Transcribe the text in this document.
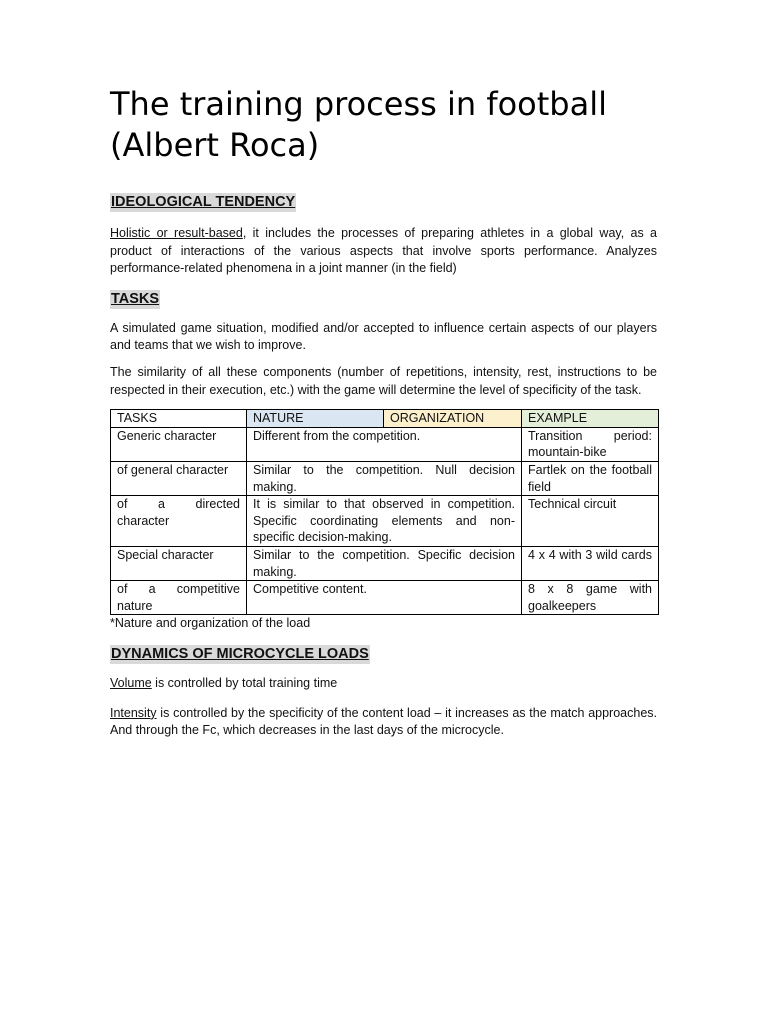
The training process in football
(Albert Roca)
IDEOLOGICAL TENDENCY

Holistic or result-based, it includes the processes of preparing athletes in a global way, as a product of interactions of the various aspects that involve sports performance. Analyzes performance-related phenomena in a joint manner (in the field)

TASKS

A simulated game situation, modified and/or accepted to influence certain aspects of our players and teams that we wish to improve.

The similarity of all these components (number of repetitions, intensity, rest, instructions to be respected in their execution, etc.) with the game will determine the level of specificity of the task.

TASKS	NATURE	ORGANIZATION	EXAMPLE
Generic character	Different from the competition.		Transition period: mountain-bike
of general character	Similar to the competition. Null decision making.		Fartlek on the football field
of a directed character	It is similar to that observed in competition. Specific coordinating elements and non-specific decision-making.		Technical circuit
Special character	Similar to the competition. Specific decision making.		4 x 4 with 3 wild cards
of a competitive nature	Competitive content.		8 x 8 game with goalkeepers
*Nature and organization of the load
DYNAMICS OF MICROCYCLE LOADS

Volume is controlled by total training time

Intensity is controlled by the specificity of the content load – it increases as the match approaches. And through the Fc, which decreases in the last days of the microcycle.
